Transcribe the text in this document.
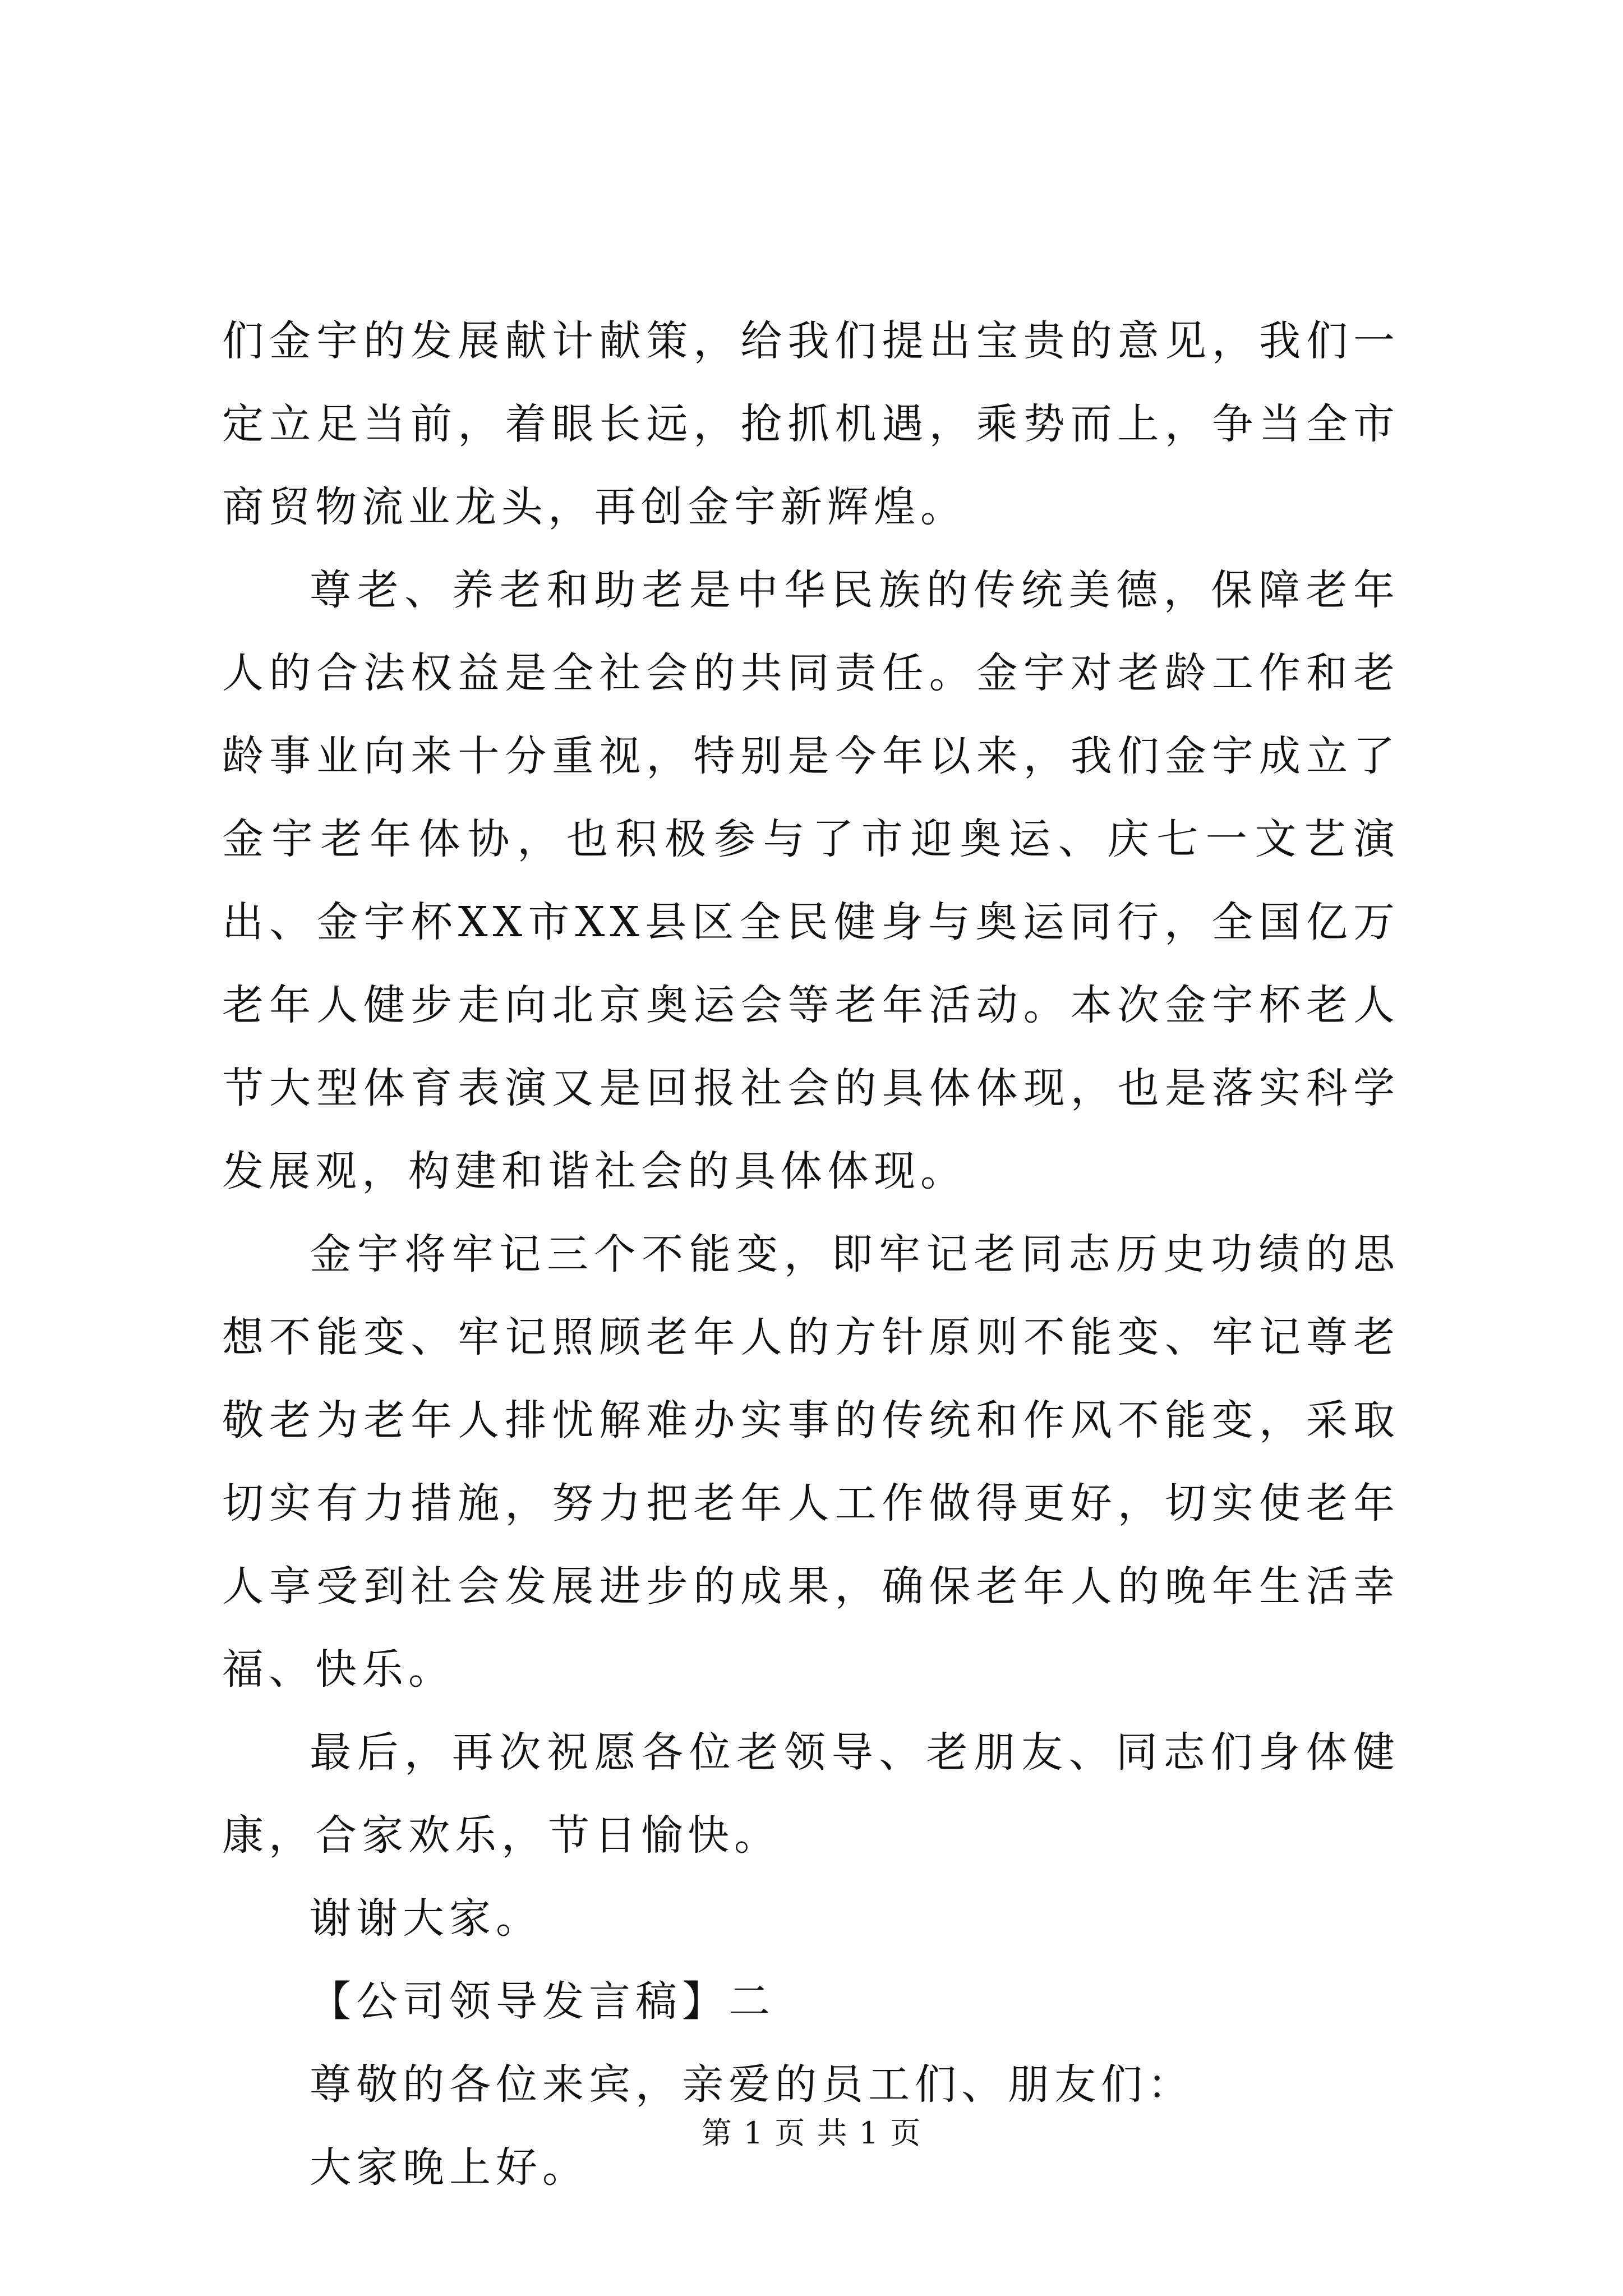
们金宇的发展献计献策，给我们提出宝贵的意见，我们一定立足当前，着眼长远，抢抓机遇，乘势而上，争当全市商贸物流业龙头，再创金宇新辉煌。

尊老、养老和助老是中华民族的传统美德，保障老年人的合法权益是全社会的共同责任。金宇对老龄工作和老龄事业向来十分重视，特别是今年以来，我们金宇成立了金宇老年体协，也积极参与了市迎奥运、庆七一文艺演出、金宇杯XX市XX县区全民健身与奥运同行，全国亿万老年人健步走向北京奥运会等老年活动。本次金宇杯老人节大型体育表演又是回报社会的具体体现，也是落实科学发展观，构建和谐社会的具体体现。

金宇将牢记三个不能变，即牢记老同志历史功绩的思想不能变、牢记照顾老年人的方针原则不能变、牢记尊老敬老为老年人排忧解难办实事的传统和作风不能变，采取切实有力措施，努力把老年人工作做得更好，切实使老年人享受到社会发展进步的成果，确保老年人的晚年生活幸福、快乐。

最后，再次祝愿各位老领导、老朋友、同志们身体健康，合家欢乐，节日愉快。

谢谢大家。

【公司领导发言稿】二

尊敬的各位来宾，亲爱的员工们、朋友们：

大家晚上好。

第 1 页 共 1 页
